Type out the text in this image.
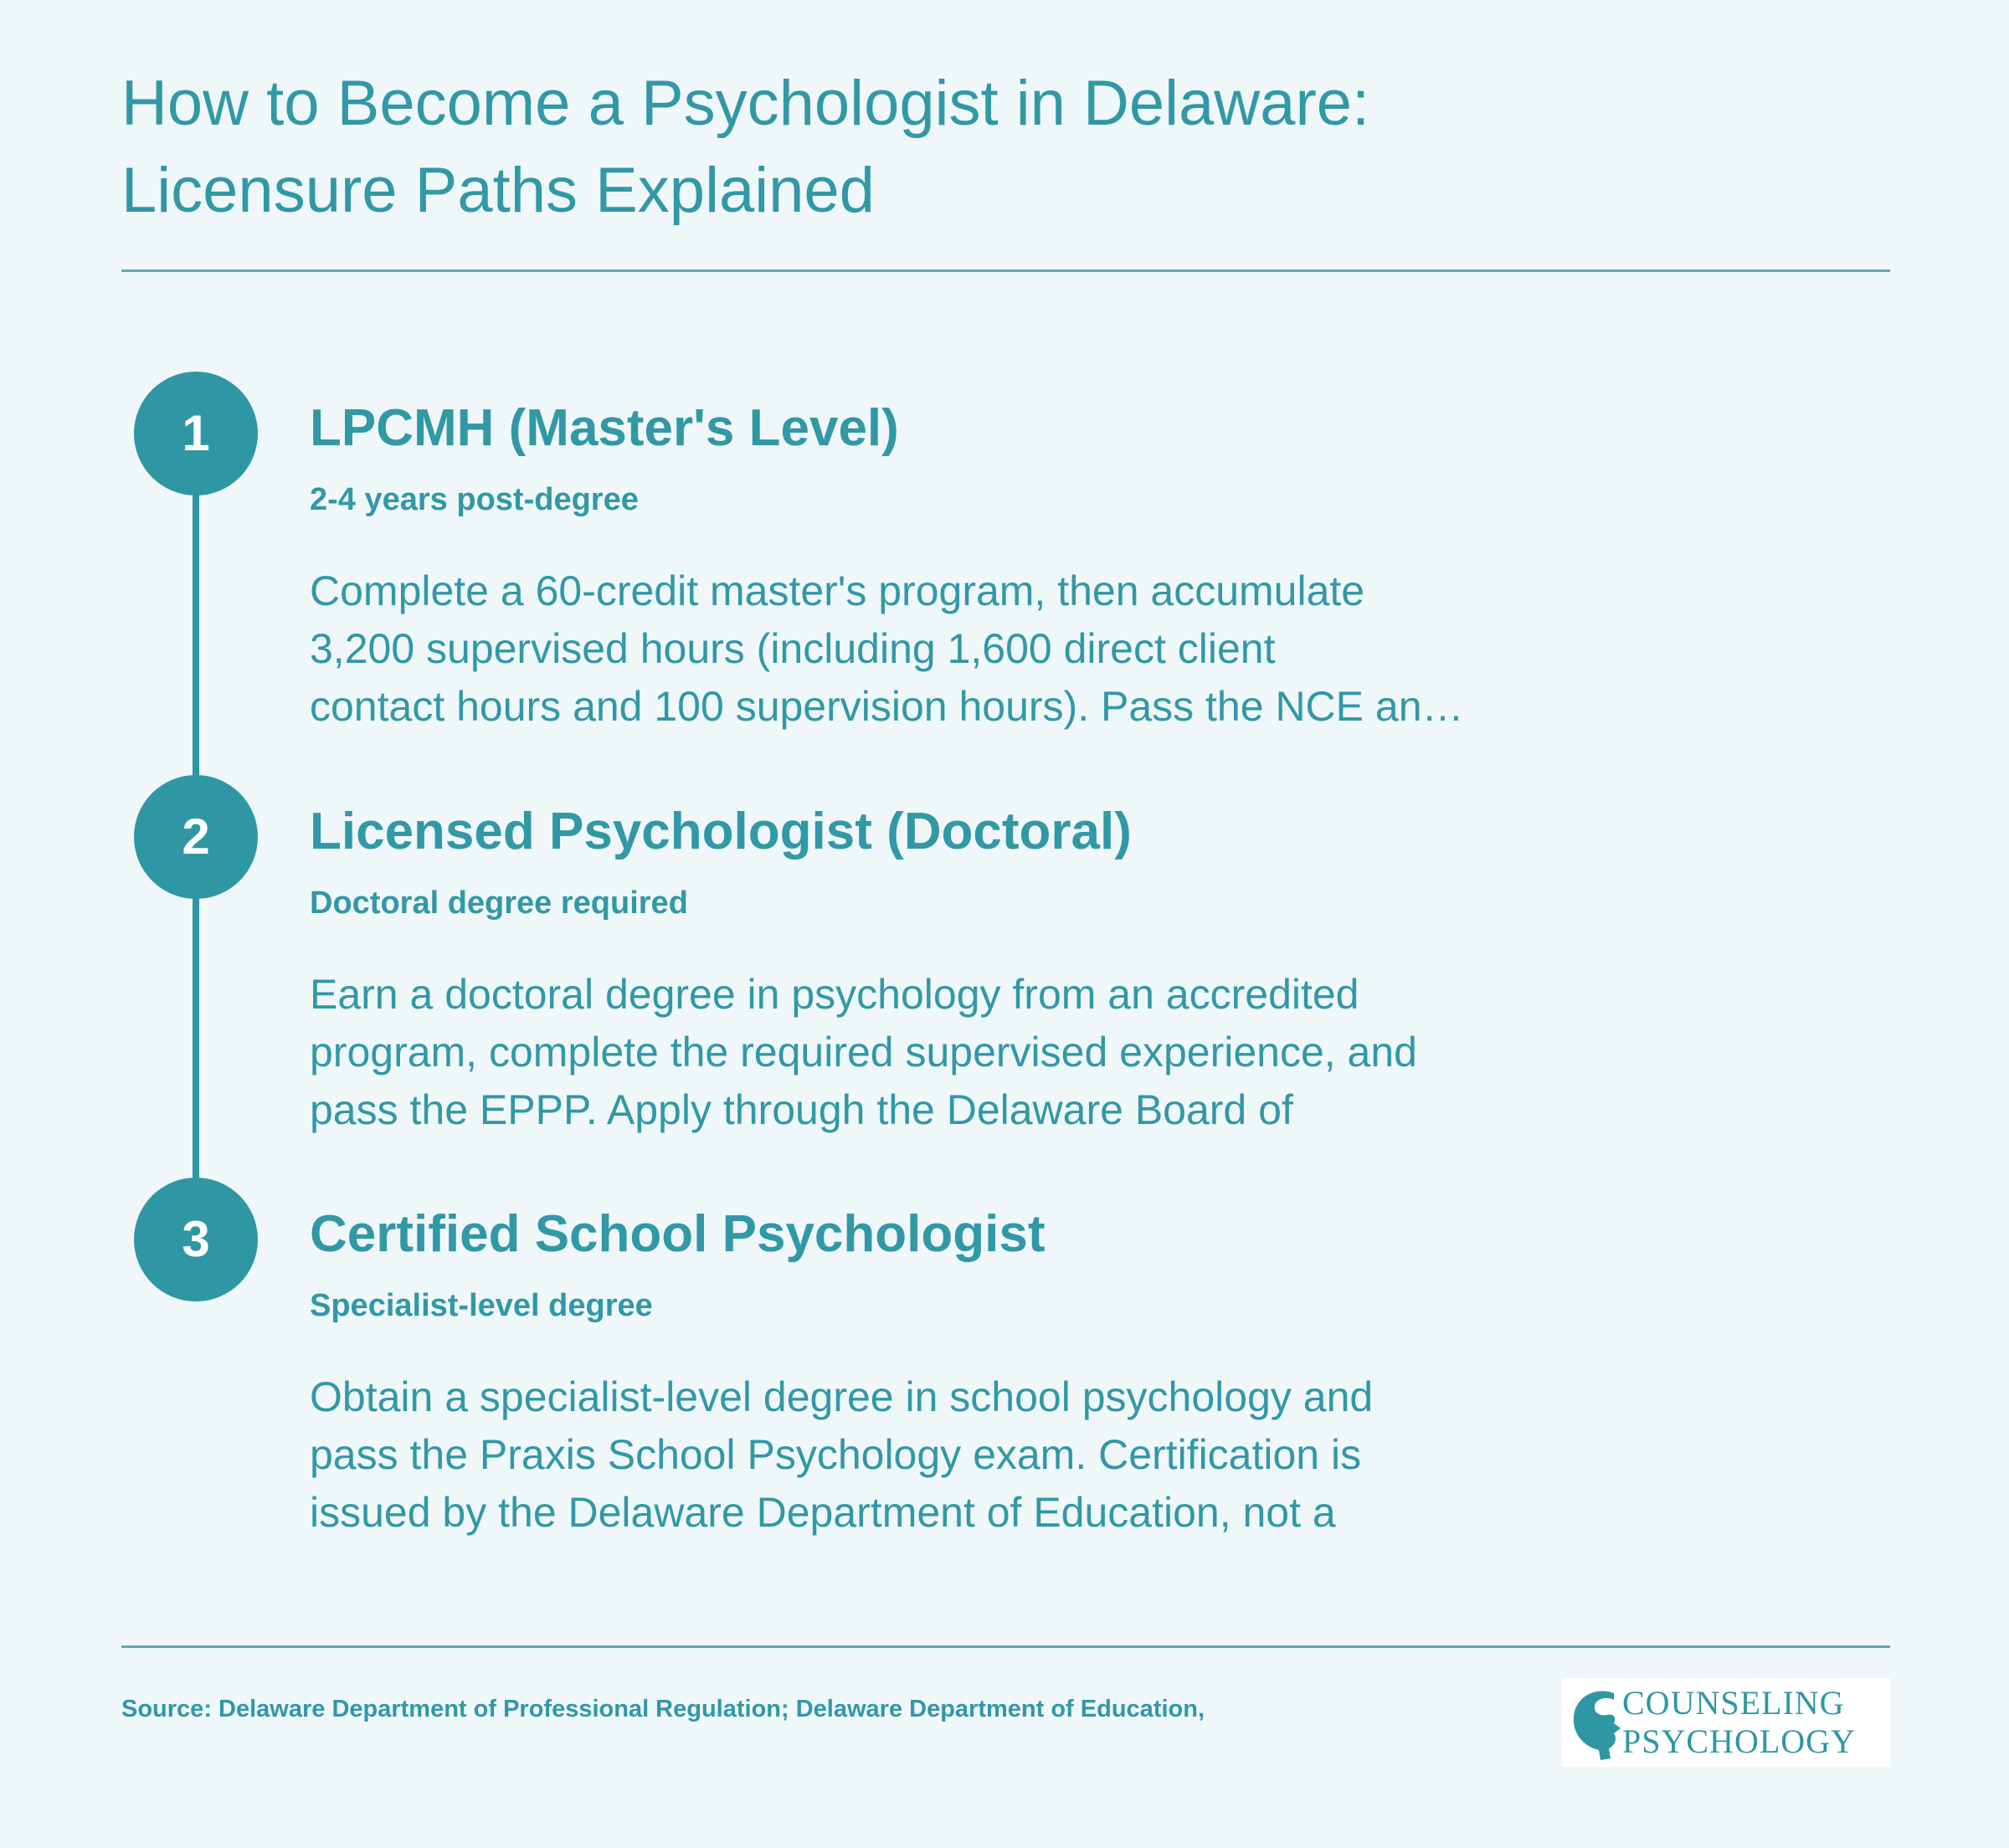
How to Become a Psychologist in Delaware:
Licensure Paths Explained
1	LPCMH (Master's Level)
2-4 years post-degree
Complete a 60-credit master's program, then accumulate
3,200 supervised hours (including 1,600 direct client
contact hours and 100 supervision hours). Pass the NCE an…
2	Licensed Psychologist (Doctoral)
Doctoral degree required
Earn a doctoral degree in psychology from an accredited
program, complete the required supervised experience, and
pass the EPPP. Apply through the Delaware Board of
3	Certified School Psychologist
Specialist-level degree
Obtain a specialist-level degree in school psychology and
pass the Praxis School Psychology exam. Certification is
issued by the Delaware Department of Education, not a
Source: Delaware Department of Professional Regulation; Delaware Department of Education,	COUNSELING
PSYCHOLOGY
